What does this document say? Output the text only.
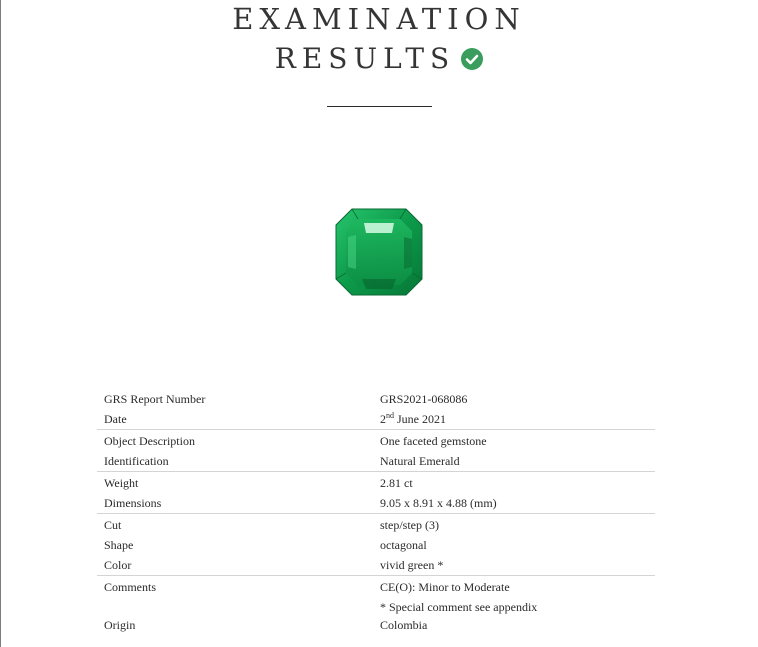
EXAMINATION
RESULTS
GRS Report Number	GRS2021-068086
Date	2nd June 2021
Object Description	One faceted gemstone
Identification	Natural Emerald
Weight	2.81 ct
Dimensions	9.05 x 8.91 x 4.88 (mm)
Cut	step/step (3)
Shape	octagonal
Color	vivid green *
Comments	CE(O): Minor to Moderate
* Special comment see appendix
Origin	Colombia
